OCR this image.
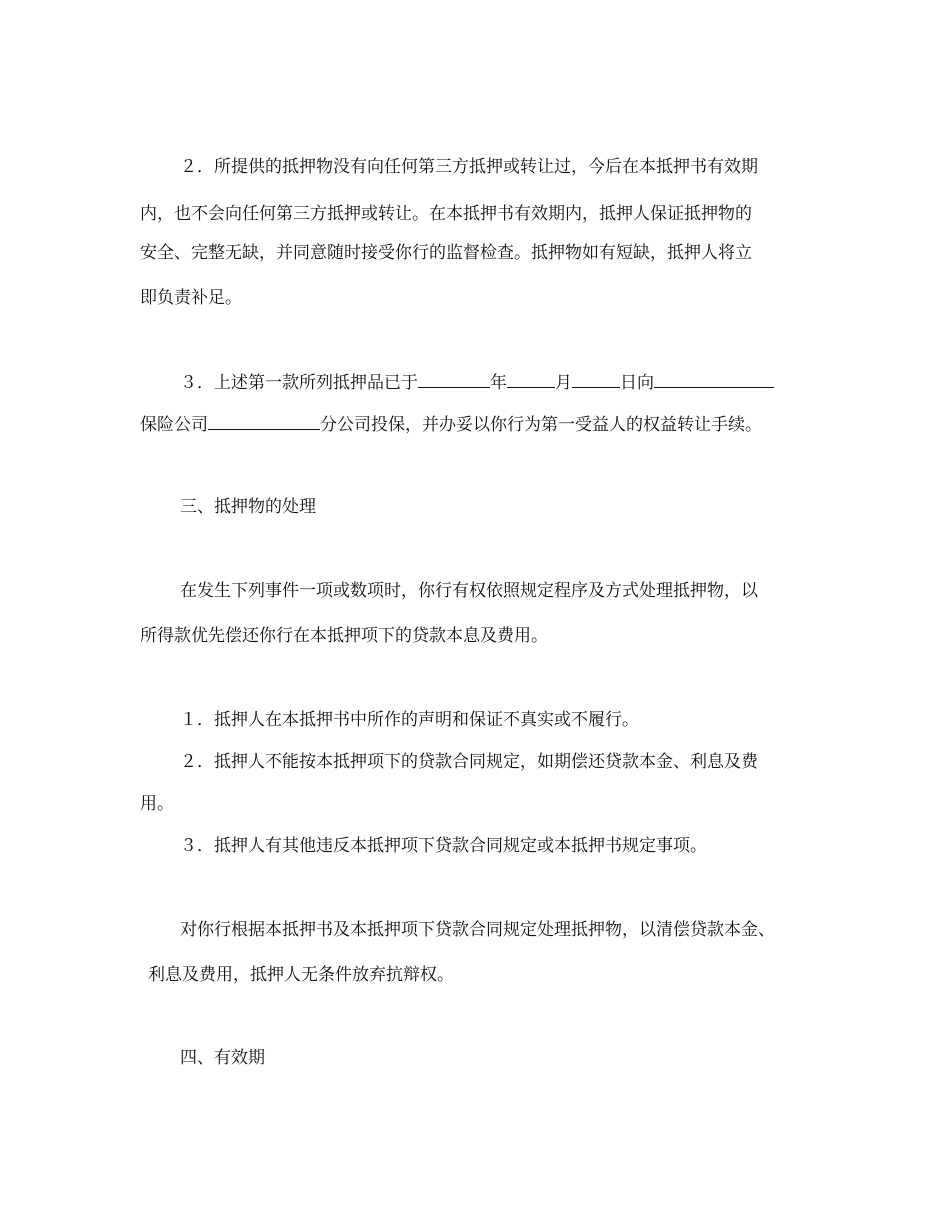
２．所提供的抵押物没有向任何第三方抵押或转让过，今后在本抵押书有效期
内，也不会向任何第三方抵押或转让。在本抵押书有效期内，抵押人保证抵押物的
安全、完整无缺，并同意随时接受你行的监督检查。抵押物如有短缺，抵押人将立
即负责补足。
３．上述第一款所列抵押品已于	年	月	日向
保险公司	分公司投保，并办妥以你行为第一受益人的权益转让手续。
三、抵押物的处理
在发生下列事件一项或数项时，你行有权依照规定程序及方式处理抵押物，以
所得款优先偿还你行在本抵押项下的贷款本息及费用。
１．抵押人在本抵押书中所作的声明和保证不真实或不履行。
２．抵押人不能按本抵押项下的贷款合同规定，如期偿还贷款本金、利息及费
用。
３．抵押人有其他违反本抵押项下贷款合同规定或本抵押书规定事项。
对你行根据本抵押书及本抵押项下贷款合同规定处理抵押物，以清偿贷款本金、
利息及费用，抵押人无条件放弃抗辩权。
四、有效期
